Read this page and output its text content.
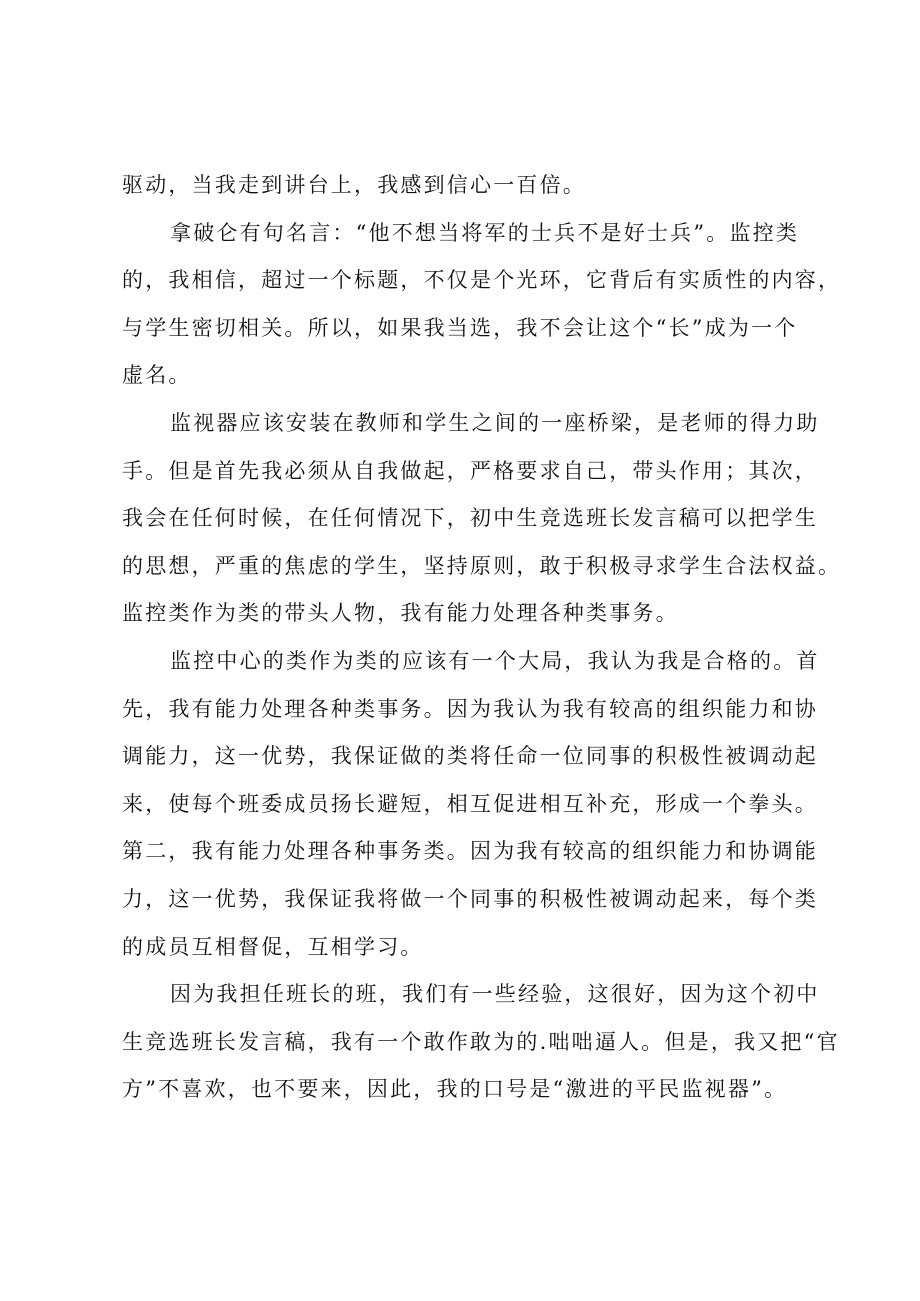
驱动，当我走到讲台上，我感到信心一百倍。
拿破仑有句名言：“他不想当将军的士兵不是好士兵”。监控类
的，我相信，超过一个标题，不仅是个光环，它背后有实质性的内容，
与学生密切相关。所以，如果我当选，我不会让这个“长”成为一个
虚名。
监视器应该安装在教师和学生之间的一座桥梁，是老师的得力助
手。但是首先我必须从自我做起，严格要求自己，带头作用；其次，
我会在任何时候，在任何情况下，初中生竞选班长发言稿可以把学生
的思想，严重的焦虑的学生，坚持原则，敢于积极寻求学生合法权益。
监控类作为类的带头人物，我有能力处理各种类事务。
监控中心的类作为类的应该有一个大局，我认为我是合格的。首
先，我有能力处理各种类事务。因为我认为我有较高的组织能力和协
调能力，这一优势，我保证做的类将任命一位同事的积极性被调动起
来，使每个班委成员扬长避短，相互促进相互补充，形成一个拳头。
第二，我有能力处理各种事务类。因为我有较高的组织能力和协调能
力，这一优势，我保证我将做一个同事的积极性被调动起来，每个类
的成员互相督促，互相学习。
因为我担任班长的班，我们有一些经验，这很好，因为这个初中
生竞选班长发言稿，我有一个敢作敢为的.咄咄逼人。但是，我又把“官
方”不喜欢，也不要来，因此，我的口号是“激进的平民监视器”。
